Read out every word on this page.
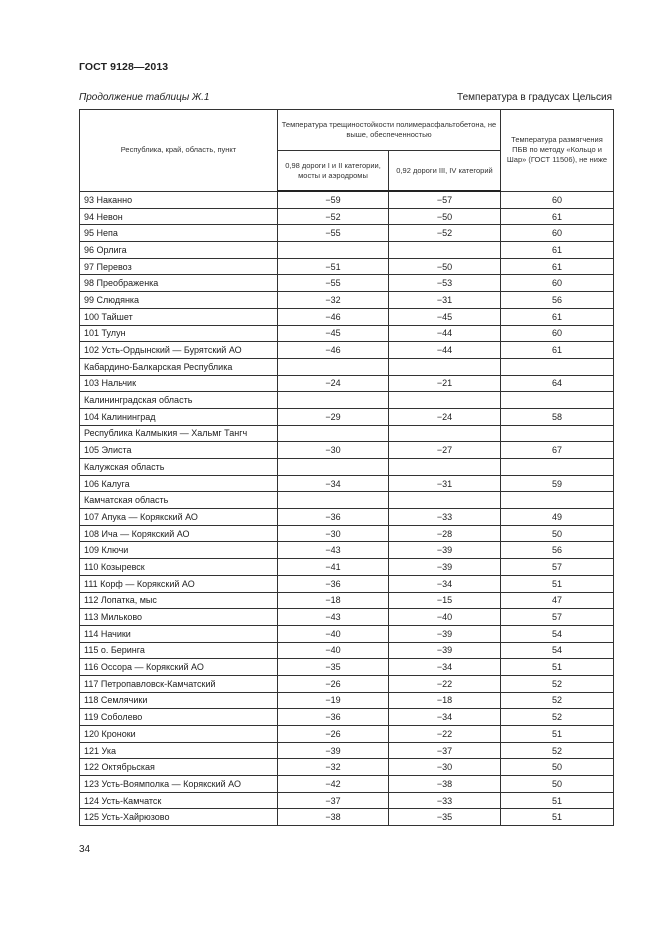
ГОСТ 9128—2013
Продолжение таблицы Ж.1	Температура в градусах Цельсия
Республика, край, область, пункт	Температура трещиностойкости полимерасфальтобетона, не выше, обеспеченностью		Температура размягчения ПБВ по методу «Кольцо и Шар» (ГОСТ 11506), не ниже
	0,98 дороги I и II категории, мосты и аэродромы	0,92 дороги III, IV категорий	
93 Наканно	−59	−57	60
94 Невон	−52	−50	61
95 Непа	−55	−52	60
96 Орлига			61
97 Перевоз	−51	−50	61
98 Преображенка	−55	−53	60
99 Слюдянка	−32	−31	56
100 Тайшет	−46	−45	61
101 Тулун	−45	−44	60
102 Усть-Ордынский — Бурятский АО	−46	−44	61
Кабардино-Балкарская Республика			
103 Нальчик	−24	−21	64
Калининградская область			
104 Калининград	−29	−24	58
Республика Калмыкия — Хальмг Тангч			
105 Элиста	−30	−27	67
Калужская область			
106 Калуга	−34	−31	59
Камчатская область			
107 Апука — Корякский АО	−36	−33	49
108 Ича — Корякский АО	−30	−28	50
109 Ключи	−43	−39	56
110 Козыревск	−41	−39	57
111 Корф — Корякский АО	−36	−34	51
112 Лопатка, мыс	−18	−15	47
113 Мильково	−43	−40	57
114 Начики	−40	−39	54
115 о. Беринга	−40	−39	54
116 Оссора — Корякский АО	−35	−34	51
117 Петропавловск-Камчатский	−26	−22	52
118 Семлячики	−19	−18	52
119 Соболево	−36	−34	52
120 Кроноки	−26	−22	51
121 Ука	−39	−37	52
122 Октябрьская	−32	−30	50
123 Усть-Воямполка — Корякский АО	−42	−38	50
124 Усть-Камчатск	−37	−33	51
125 Усть-Хайрюзово	−38	−35	51
34
